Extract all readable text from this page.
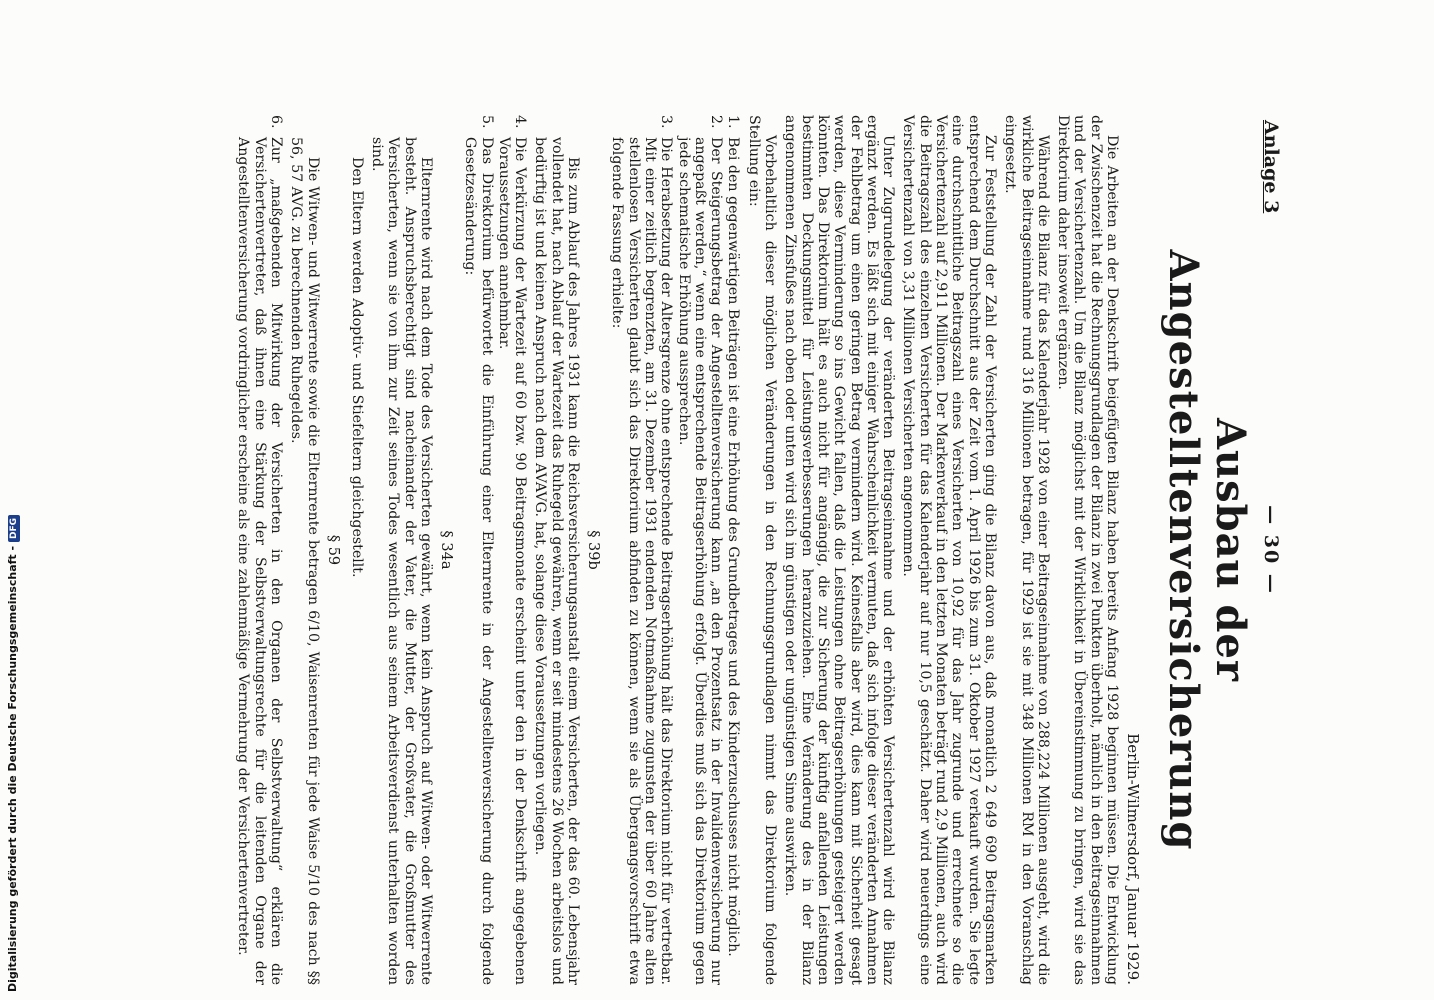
Anlage 3
— 30 —
Ausbau der Angestelltenversicherung
Berlin-Wilmersdorf, Januar 1929.

Die Arbeiten an der Denkschrift beigefügten Bilanz haben bereits Anfang 1928 beginnen müssen. Die Entwicklung der Zwischenzeit hat die Rechnungsgrundlagen der Bilanz in zwei Punkten überholt, nämlich in den Beitragseinnahmen und der Versichertenzahl. Um die Bilanz möglichst mit der Wirklichkeit in Übereinstimmung zu bringen, wird sie das Direktorium daher insoweit ergänzen.

Während die Bilanz für das Kalenderjahr 1928 von einer Beitragseinnahme von 288,224 Millionen ausgeht, wird die wirkliche Beitragseinnahme rund 316 Millionen betragen, für 1929 ist sie mit 348 Millionen RM in den Voranschlag eingesetzt.

Zur Feststellung der Zahl der Versicherten ging die Bilanz davon aus, daß monatlich 2 649 690 Beitragsmarken entsprechend dem Durchschnitt aus der Zeit vom 1. April 1926 bis zum 31. Oktober 1927 verkauft wurden. Sie legte eine durchschnittliche Beitragszahl eines Versicherten von 10,92 für das Jahr zugrunde und errechnete so die Versichertenzahl auf 2,911 Millionen. Der Markenverkauf in den letzten Monaten beträgt rund 2,9 Millionen, auch wird die Beitragszahl des einzelnen Versicherten für das Kalenderjahr auf nur 10,5 geschätzt. Daher wird neuerdings eine Versichertenzahl von 3,31 Millionen Versicherten angenommen.

Unter Zugrundelegung der veränderten Beitragseinnahme und der erhöhten Versichertenzahl wird die Bilanz ergänzt werden. Es läßt sich mit einiger Wahrscheinlichkeit vermuten, daß sich infolge dieser veränderten Annahmen der Fehlbetrag um einen geringen Betrag vermindern wird. Keinesfalls aber wird, dies kann mit Sicherheit gesagt werden, diese Verminderung so ins Gewicht fallen, daß die Leistungen ohne Beitragserhöhungen gesteigert werden könnten. Das Direktorium hält es auch nicht für angängig, die zur Sicherung der künftig anfallenden Leistungen bestimmten Deckungsmittel für Leistungsverbesserungen heranzuziehen. Eine Veränderung des in der Bilanz angenommenen Zinsfußes nach oben oder unten wird sich im günstigen oder ungünstigen Sinne auswirken.

Vorbehaltlich dieser möglichen Veränderungen in den Rechnungsgrundlagen nimmt das Direktorium folgende Stellung ein:

1.
Bei den gegenwärtigen Beiträgen ist eine Erhöhung des Grundbetrages und des Kinderzuschusses nicht möglich.
2.
Der Steigerungsbetrag der Angestelltenversicherung kann „an den Prozentsatz in der Invalidenversicherung nur angepaßt werden,“ wenn eine entsprechende Beitragserhöhung erfolgt. Überdies muß sich das Direktorium gegen jede schematische Erhöhung aussprechen.
3.
Die Herabsetzung der Altersgrenze ohne entsprechende Beitragserhöhung hält das Direktorium nicht für vertretbar. Mit einer zeitlich begrenzten, am 31. Dezember 1931 endenden Notmaßnahme zugunsten der über 60 Jahre alten stellenlosen Versicherten glaubt sich das Direktorium abfinden zu können, wenn sie als Übergangsvorschrift etwa folgende Fassung erhielte:
§ 39b

Bis zum Ablauf des Jahres 1931 kann die Reichsversicherungsanstalt einem Versicherten, der das 60. Lebensjahr vollendet hat, nach Ablauf der Wartezeit das Ruhegeld gewähren, wenn er seit mindestens 26 Wochen arbeitslos und bedürftig ist und keinen Anspruch nach dem AVAVG. hat, solange diese Voraussetzungen vorliegen.

4.
Die Verkürzung der Wartezeit auf 60 bzw. 90 Beitragsmonate erscheint unter den in der Denkschrift angegebenen Voraussetzungen annehmbar.
5.
Das Direktorium befürwortet die Einführung einer Elternrente in der Angestelltenversicherung durch folgende Gesetzesänderung:
§ 34a

Elternrente wird nach dem Tode des Versicherten gewährt, wenn kein Anspruch auf Witwen- oder Witwerrente besteht. Anspruchsberechtigt sind nacheinander der Vater, die Mutter, der Großvater, die Großmutter des Versicherten, wenn sie von ihm zur Zeit seines Todes wesentlich aus seinem Arbeitsverdienst unterhalten worden sind.

Den Eltern werden Adoptiv- und Stiefeltern gleichgestellt.

§ 59

Die Witwen- und Witwerrente sowie die Elternrente betragen 6/10, Waisenrenten für jede Waise 5/10 des nach §§ 56, 57 AVG. zu berechnenden Ruhegeldes.

6.
Zur „maßgebenden Mitwirkung der Versicherten in den Organen der Selbstverwaltung“ erklären die Versichertenvertreter, daß ihnen eine Stärkung der Selbstverwaltungsrechte für die leitenden Organe der Angestelltenversicherung vordringlicher erscheine als eine zahlenmäßige Vermehrung der Versichertenvertreter.
Digitalisierung gefördert durch die Deutsche Forschungsgemeinschaft -DFG
